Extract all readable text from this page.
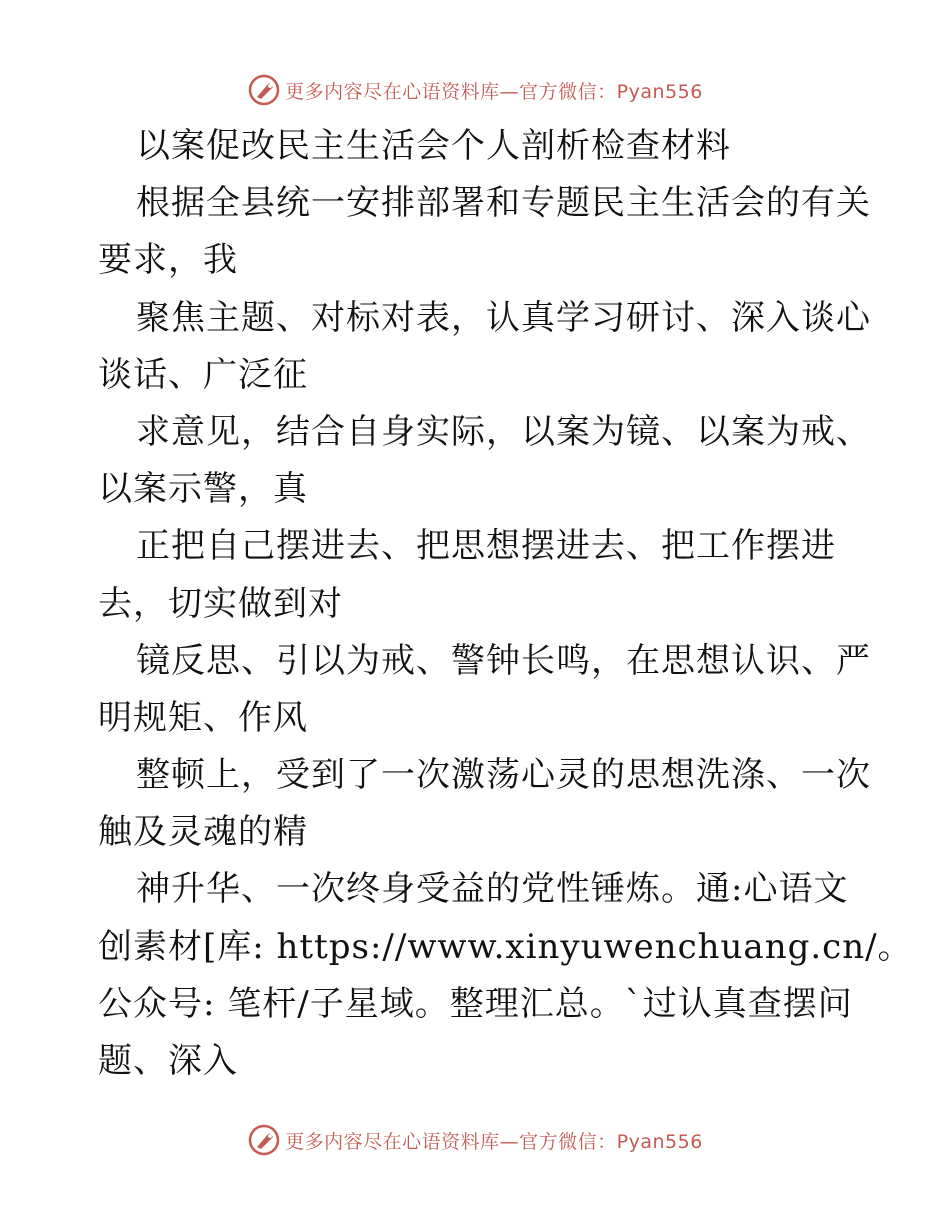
更多内容尽在心语资料库—官方微信：Pyan556
以案促改民主生活会个人剖析检查材料
根据全县统一安排部署和专题民主生活会的有关
要求，我
聚焦主题、对标对表，认真学习研讨、深入谈心
谈话、广泛征
求意见，结合自身实际，以案为镜、以案为戒、
以案示警，真
正把自己摆进去、把思想摆进去、把工作摆进
去，切实做到对
镜反思、引以为戒、警钟长鸣，在思想认识、严
明规矩、作风
整顿上，受到了一次激荡心灵的思想洗涤、一次
触及灵魂的精
神升华、一次终身受益的党性锤炼。通:心语文
创素材[库: https://www.xinyuwenchuang.cn/。
公众号: 笔杆/子星域。整理汇总。`过认真查摆问
题、深入
更多内容尽在心语资料库—官方微信：Pyan556
